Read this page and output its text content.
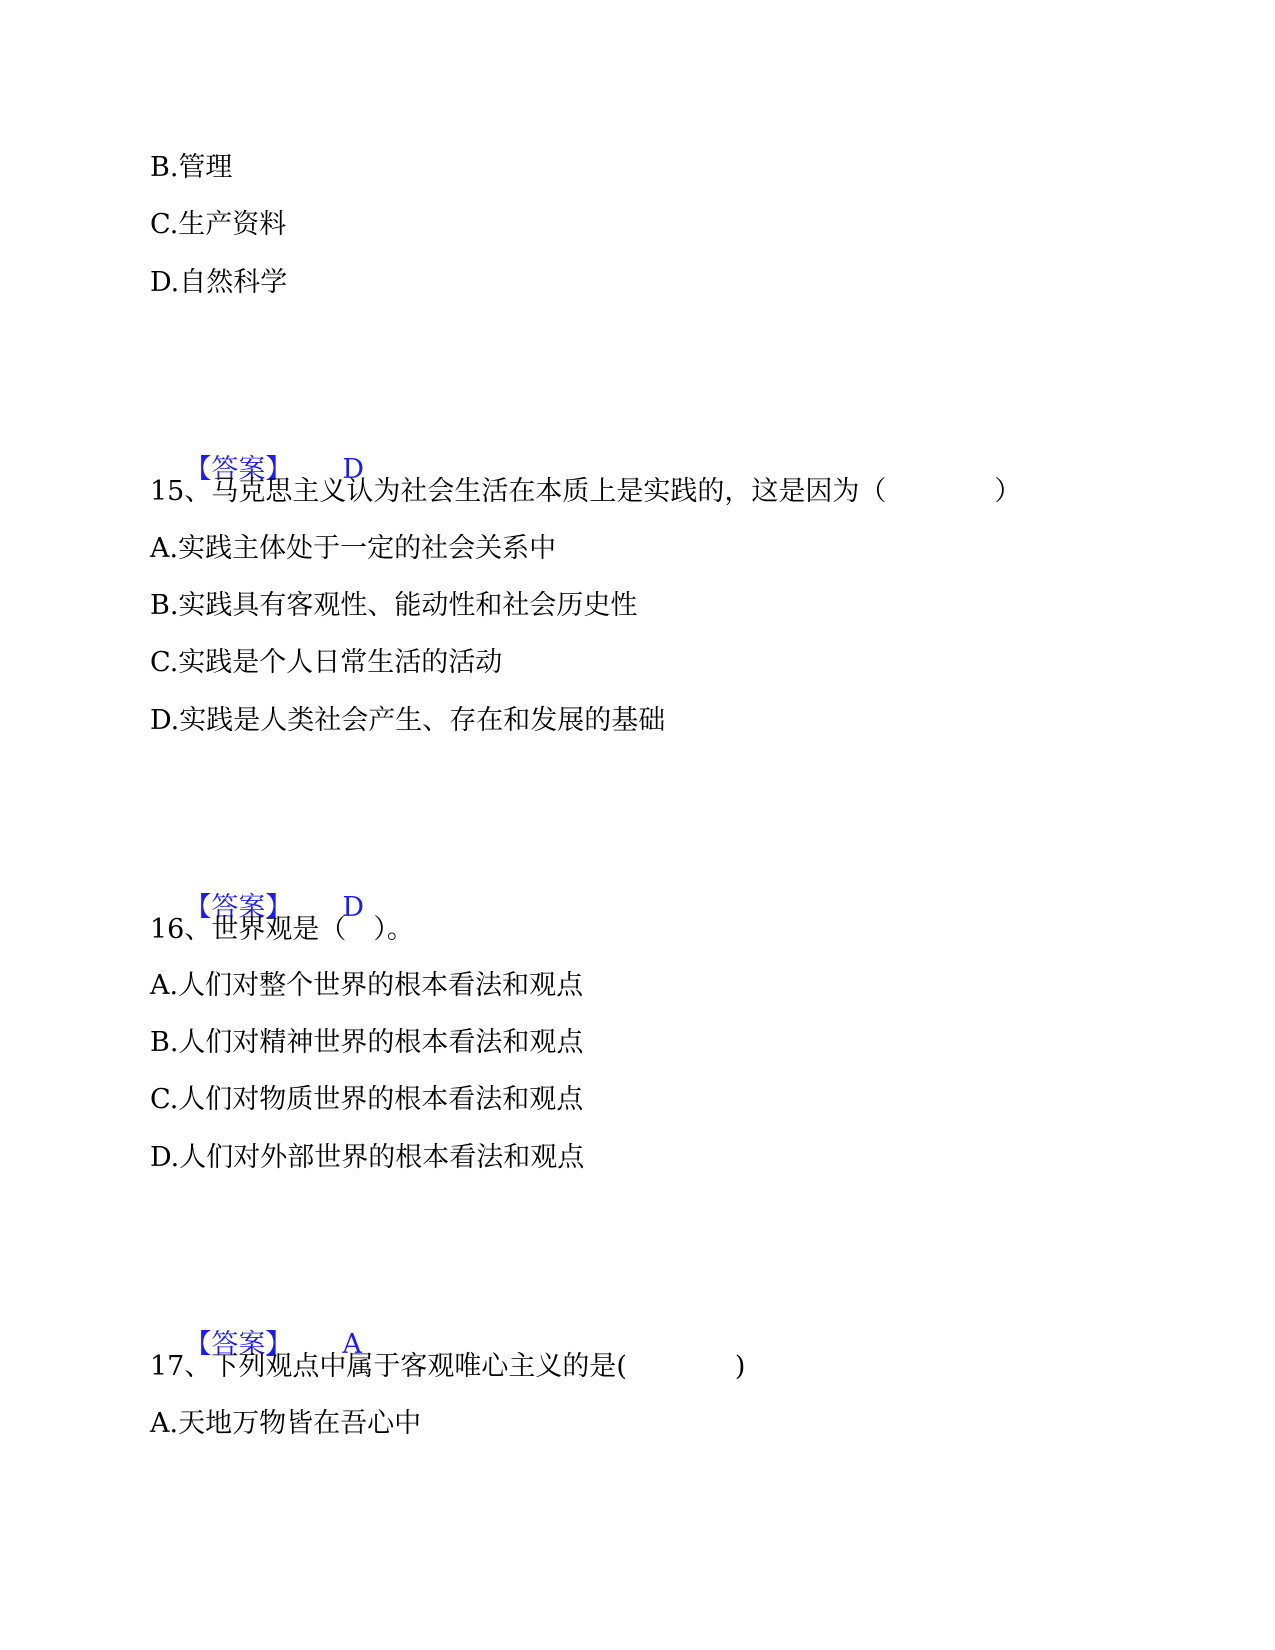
B.管理
C.生产资料
D.自然科学

【答案】 D

15、马克思主义认为社会生活在本质上是实践的，这是因为（　　　　）
A.实践主体处于一定的社会关系中
B.实践具有客观性、能动性和社会历史性
C.实践是个人日常生活的活动
D.实践是人类社会产生、存在和发展的基础

【答案】 D

16、世界观是（　）。
A.人们对整个世界的根本看法和观点
B.人们对精神世界的根本看法和观点
C.人们对物质世界的根本看法和观点
D.人们对外部世界的根本看法和观点

【答案】 A

17、下列观点中属于客观唯心主义的是(　　　　)
A.天地万物皆在吾心中
